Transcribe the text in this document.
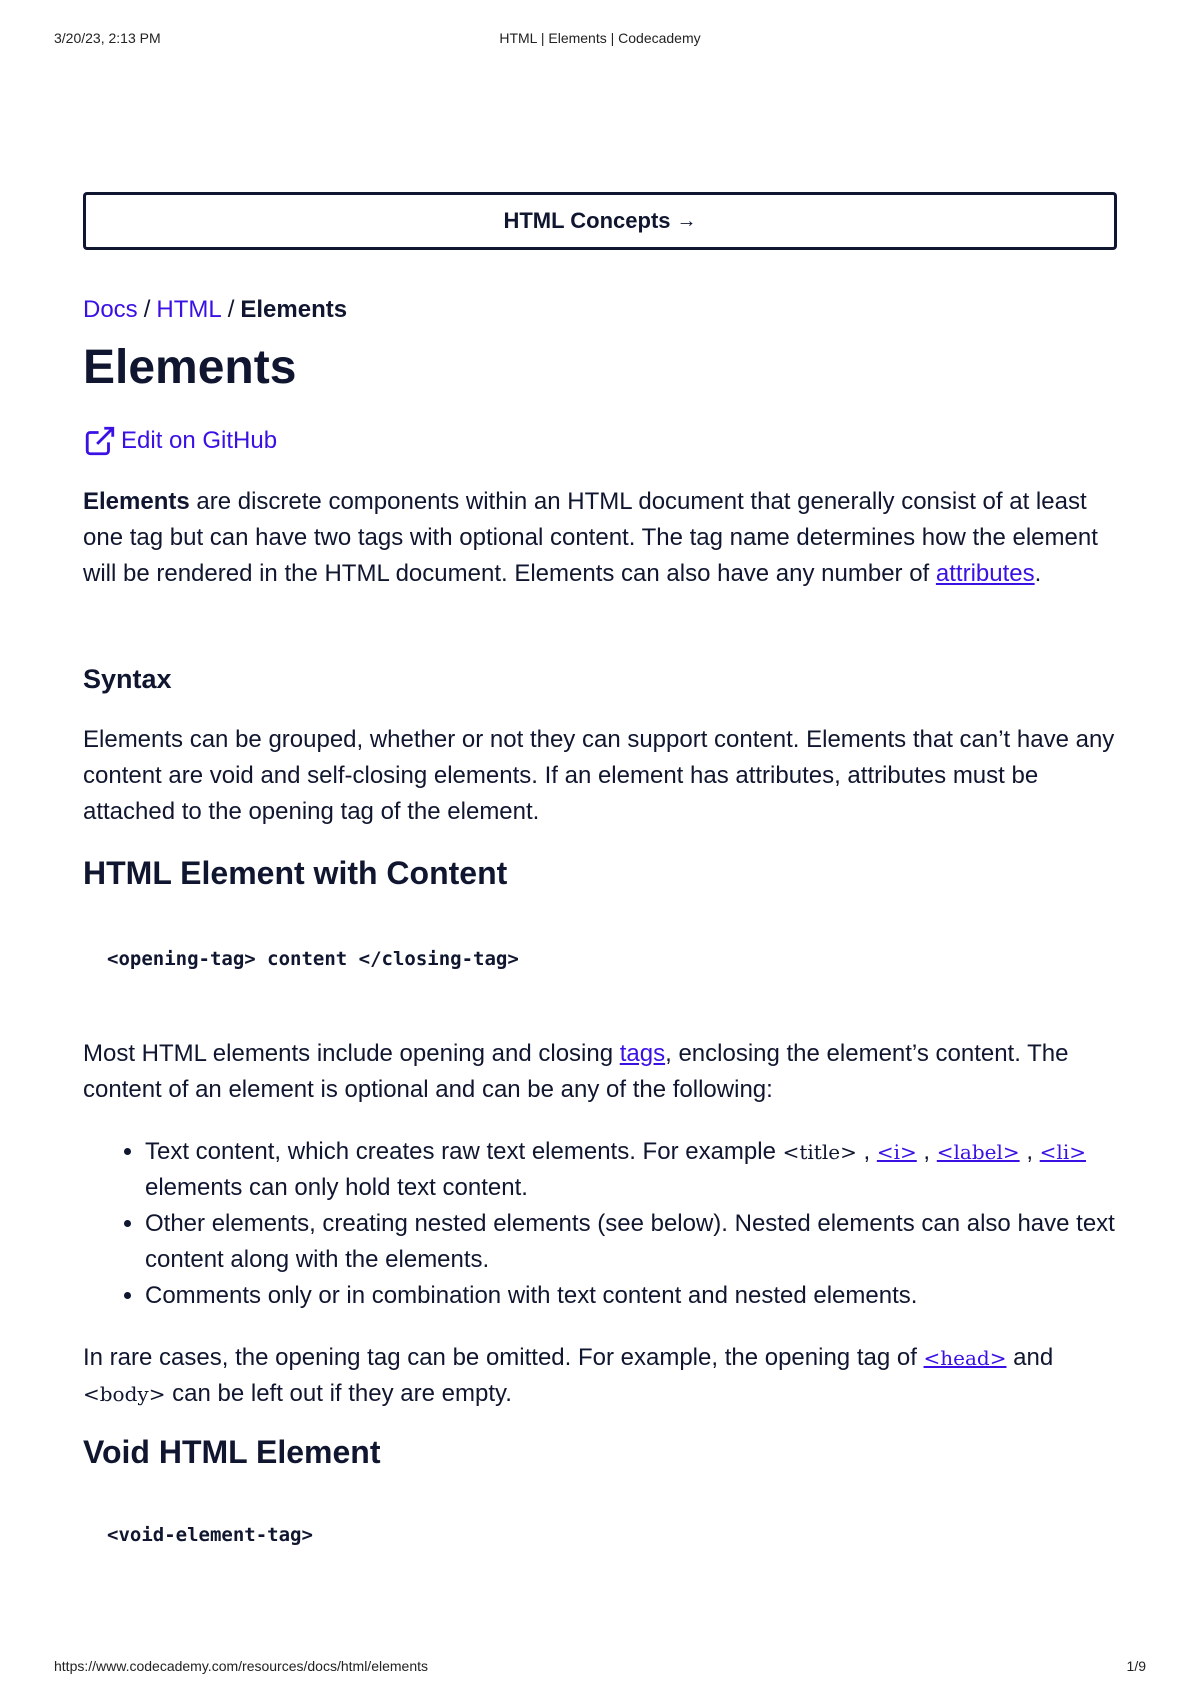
3/20/23, 2:13 PM	HTML | Elements | Codecademy
HTML Concepts →
Docs / HTML / Elements
Elements
Edit on GitHub

Elements are discrete components within an HTML document that generally consist of at least one tag but can have two tags with optional content. The tag name determines how the element will be rendered in the HTML document. Elements can also have any number of attributes.

Syntax

Elements can be grouped, whether or not they can support content. Elements that can’t have any content are void and self-closing elements. If an element has attributes, attributes must be attached to the opening tag of the element.

HTML Element with Content
<opening-tag> content </closing-tag>

Most HTML elements include opening and closing tags, enclosing the element’s content. The content of an element is optional and can be any of the following:

• Text content, which creates raw text elements. For example <title> , <i> , <label> , <li> elements can only hold text content.
• Other elements, creating nested elements (see below). Nested elements can also have text content along with the elements.
• Comments only or in combination with text content and nested elements.

In rare cases, the opening tag can be omitted. For example, the opening tag of <head> and <body> can be left out if they are empty.

Void HTML Element
<void-element-tag>
https://www.codecademy.com/resources/docs/html/elements	1/9
